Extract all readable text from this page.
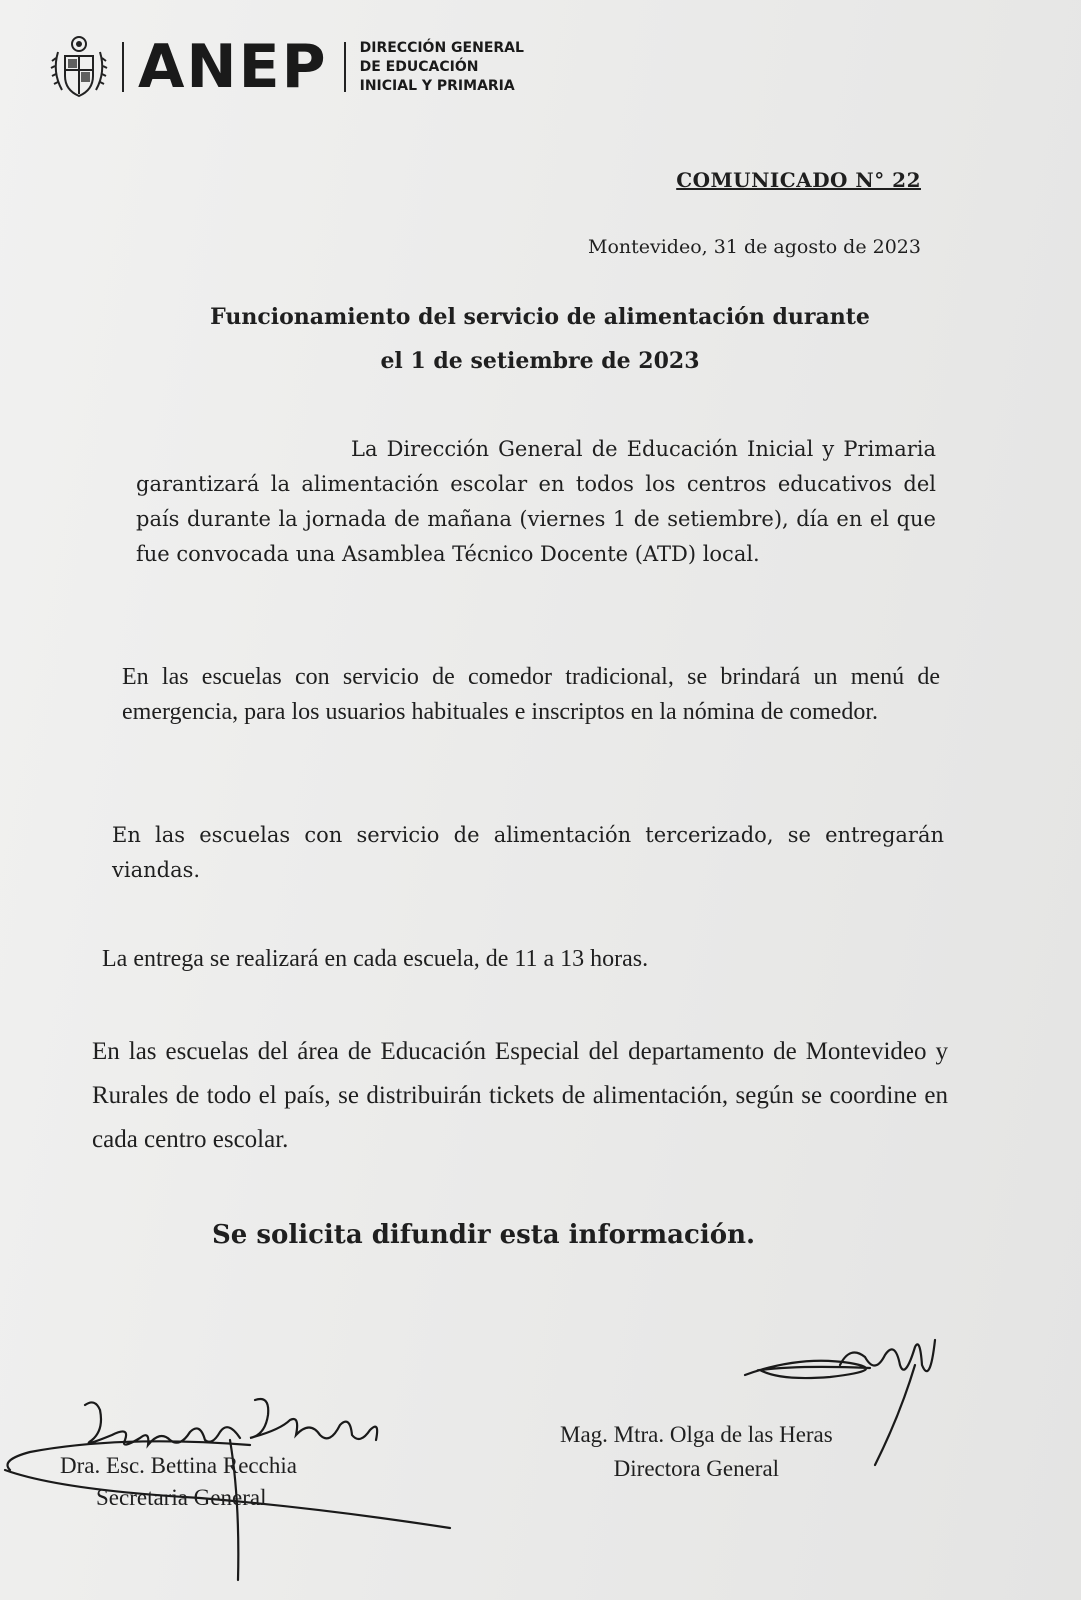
ANEP DIRECCIÓN GENERAL
DE EDUCACIÓN
INICIAL Y PRIMARIA
COMUNICADO N° 22
Montevideo, 31 de agosto de 2023
Funcionamiento del servicio de alimentación durante
el 1 de setiembre de 2023
La Dirección General de Educación Inicial y Primaria garantizará la alimentación escolar en todos los centros educativos del país durante la jornada de mañana (viernes 1 de setiembre), día en el que fue convocada una Asamblea Técnico Docente (ATD) local.
En las escuelas con servicio de comedor tradicional, se brindará un menú de emergencia, para los usuarios habituales e inscriptos en la nómina de comedor.
En las escuelas con servicio de alimentación tercerizado, se entregarán viandas.
La entrega se realizará en cada escuela, de 11 a 13 horas.
En las escuelas del área de Educación Especial del departamento de Montevideo y Rurales de todo el país, se distribuirán tickets de alimentación, según se coordine en cada centro escolar.
Se solicita difundir esta información.
Dra. Esc. Bettina Recchia
Secretaria General
Mag. Mtra. Olga de las Heras
Directora General
